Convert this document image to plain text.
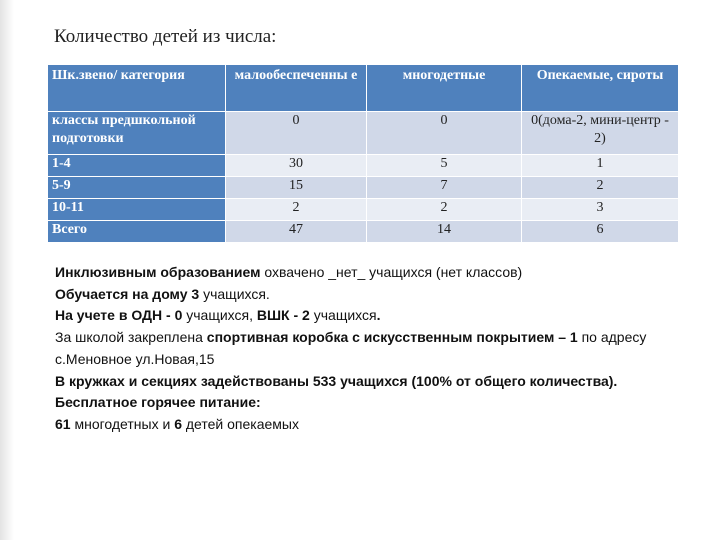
Количество детей из числа:
Шк.звено/ категория	малообеспеченны е	многодетные	Опекаемые, сироты
классы предшкольной подготовки	0	0	0(дома-2, мини-центр - 2)
1-4	30	5	1
5-9	15	7	2
10-11	2	2	3
Всего	47	14	6

Инклюзивным образованием охвачено _нет_ учащихся (нет классов)

Обучается на дому 3 учащихся.

На учете в ОДН - 0 учащихся, ВШК - 2 учащихся.

За школой закреплена спортивная коробка с искусственным покрытием – 1 по адресу с.Меновное ул.Новая,15

В кружках и секциях задействованы 533 учащихся (100% от общего количества).

Бесплатное горячее питание:

61 многодетных и 6 детей опекаемых
